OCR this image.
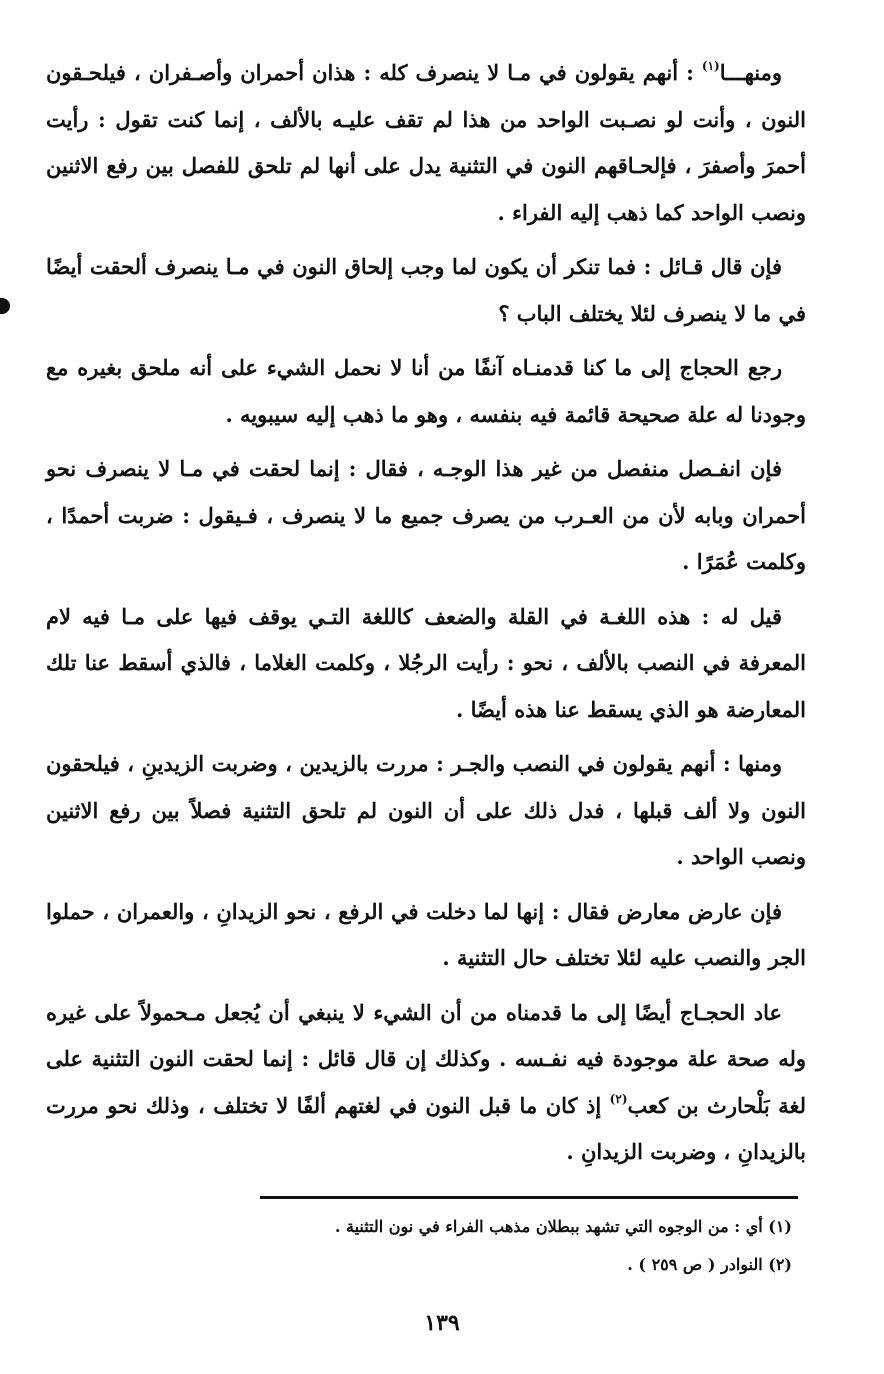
ومنهـــا$^{(١)}$ : أنهم يقولون في مـا لا ينصرف كله : هذان أحمران وأصـفران ، فيلحـقون النون ، وأنت لو نصـبت الواحد من هذا لم تقف عليـه بالألف ، إنما كنت تقول : رأيت أحمرَ وأصفرَ ، فإلحـاقهم النون في التثنية يدل على أنها لم تلحق للفصل بين رفع الاثنين ونصب الواحد كما ذهب إليه الفراء .

فإن قال قـائل : فما تنكر أن يكون لما وجب إلحاق النون في مـا ينصرف ألحقت أيضًا في ما لا ينصرف لئلا يختلف الباب ؟

رجع الحجاج إلى ما كنا قدمنـاه آنفًا من أنا لا نحمل الشيء على أنه ملحق بغيره مع وجودنا له علة صحيحة قائمة فيه بنفسه ، وهو ما ذهب إليه سيبويه .

فإن انفـصل منفصل من غير هذا الوجـه ، فقال : إنما لحقت في مـا لا ينصرف نحو أحمران وبابه لأن من العـرب من يصرف جميع ما لا ينصرف ، فـيقول : ضربت أحمدًا ، وكلمت عُمَرًا .

قيل له : هذه اللغـة في القلة والضعف كاللغة التـي يوقف فيها على مـا فيه لام المعرفة في النصب بالألف ، نحو : رأيت الرجُلا ، وكلمت الغلاما ، فالذي أسقط عنا تلك المعارضة هو الذي يسقط عنا هذه أيضًا .

ومنها : أنهم يقولون في النصب والجـر : مررت بالزيدين ، وضربت الزيدينِ ، فيلحقون النون ولا ألف قبلها ، فدل ذلك على أن النون لم تلحق التثنية فصلاً بين رفع الاثنين ونصب الواحد .

فإن عارض معارض فقال : إنها لما دخلت في الرفع ، نحو الزيدانِ ، والعمران ، حملوا الجر والنصب عليه لئلا تختلف حال التثنية .

عاد الحجـاج أيضًا إلى ما قدمناه من أن الشيء لا ينبغي أن يُجعل مـحمولاً على غيره وله صحة علة موجودة فيه نفـسه . وكذلك إن قال قائل : إنما لحقت النون التثنية على لغة بَلْحارث بن كعب$^{(٢)}$ إذ كان ما قبل النون في لغتهم ألفًا لا تختلف ، وذلك نحو مررت بالزيدانِ ، وضربت الزيدانِ .

(١) أي : من الوجوه التي تشهد ببطلان مذهب الفراء في نون التثنية .

(٢) النوادر ( ص ٢٥٩ ) .

١٣٩
